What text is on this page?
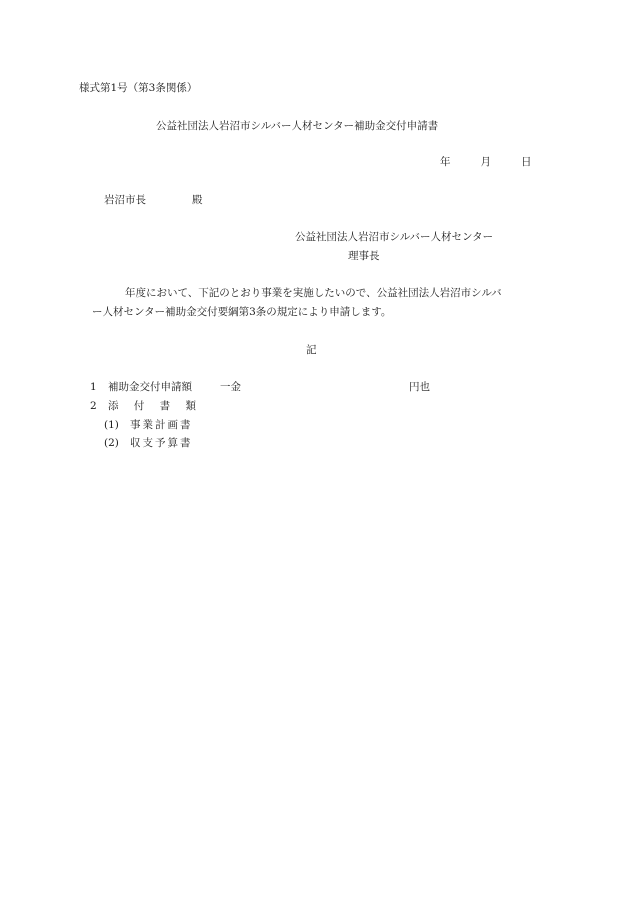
様式第1号（第3条関係）
公益社団法人岩沼市シルバー人材センター補助金交付申請書
年	月	日
岩沼市長	殿
公益社団法人岩沼市シルバー人材センター
理事長
年度において、下記のとおり事業を実施したいので、公益社団法人岩沼市シルバ
ー人材センター補助金交付要綱第3条の規定により申請します。
記
1 補助金交付申請額	一金	円也
2 添 付 書 類
(1) 事業計画書
(2) 収支予算書
